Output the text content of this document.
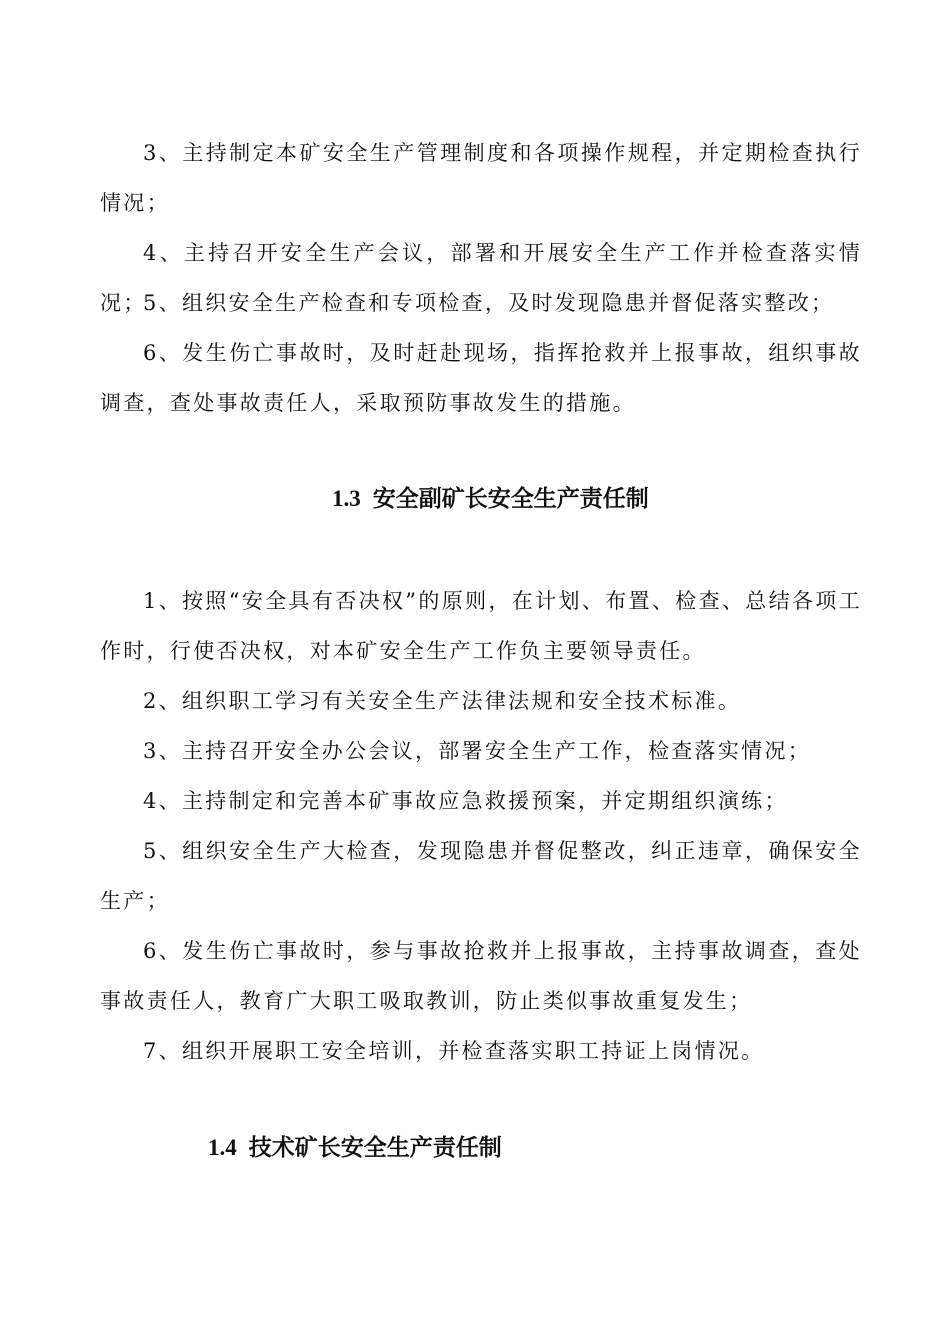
3、主持制定本矿安全生产管理制度和各项操作规程，并定期检查执行情况；

4、主持召开安全生产会议，部署和开展安全生产工作并检查落实情况；

5、组织安全生产检查和专项检查，及时发现隐患并督促落实整改；

6、发生伤亡事故时，及时赶赴现场，指挥抢救并上报事故，组织事故调查，查处事故责任人，采取预防事故发生的措施。

1.3 安全副矿长安全生产责任制

1、按照“安全具有否决权”的原则，在计划、布置、检查、总结各项工作时，行使否决权，对本矿安全生产工作负主要领导责任。

2、组织职工学习有关安全生产法律法规和安全技术标准。

3、主持召开安全办公会议，部署安全生产工作，检查落实情况；

4、主持制定和完善本矿事故应急救援预案，并定期组织演练；

5、组织安全生产大检查，发现隐患并督促整改，纠正违章，确保安全生产；

6、发生伤亡事故时，参与事故抢救并上报事故，主持事故调查，查处事故责任人，教育广大职工吸取教训，防止类似事故重复发生；

7、组织开展职工安全培训，并检查落实职工持证上岗情况。

1.4 技术矿长安全生产责任制
